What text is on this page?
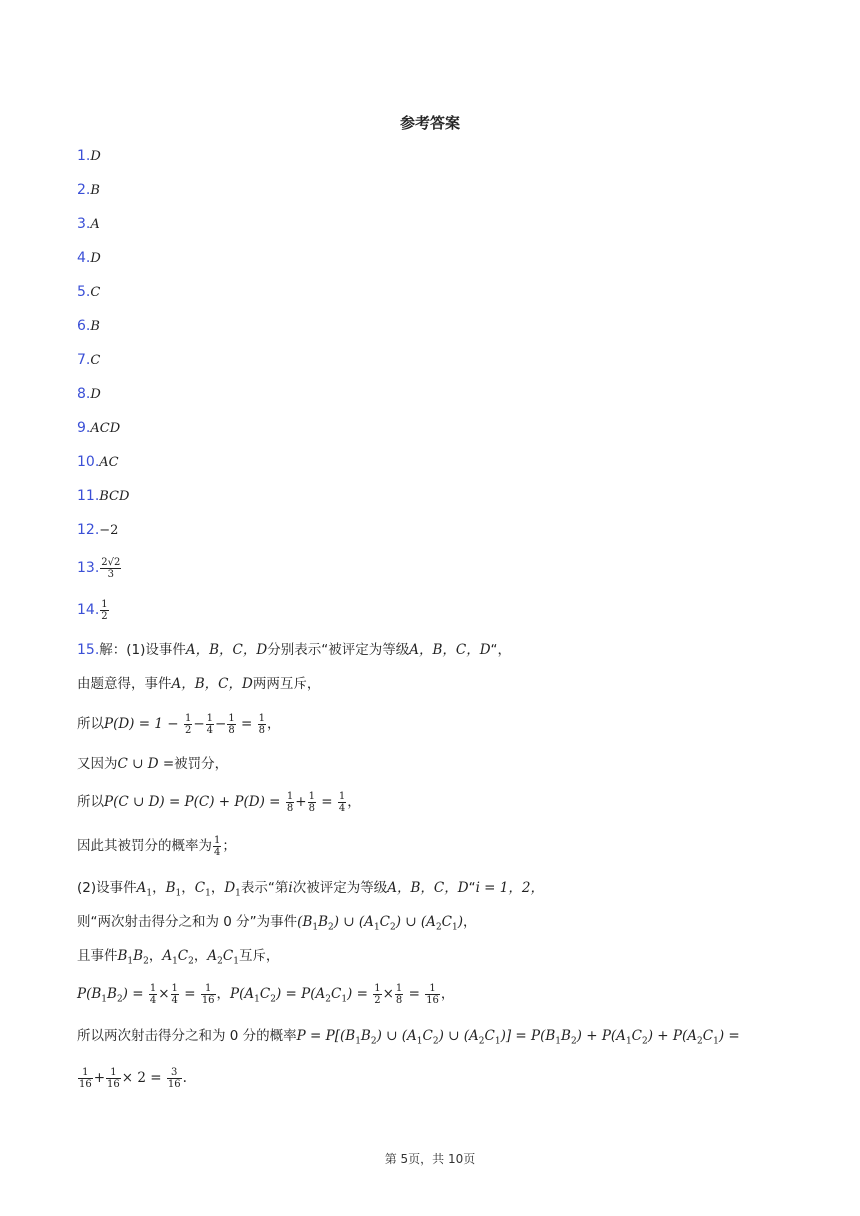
参考答案
1.D
2.B
3.A
4.D
5.C
6.B
7.C
8.D
9.ACD
10.AC
11.BCD
12.−2
13. $\frac{2√2}{3}$
14. $\frac{1}{2}$
15.解：(1)设事件A，B，C，D分别表示“被评定为等级A，B，C，D“，
由题意得，事件A，B，C，D两两互斥，
所以$P(D) = 1 - \frac{1}{2} - \frac{1}{4} - \frac{1}{8} = \frac{1}{8}$ ，
又因为C ∪ D =被罚分，
所以P(C ∪ $D) = P(C) + P(D) = \frac{1}{8} + \frac{1}{8} = \frac{1}{4}$ ，
因此其被罚分的概率为 $\frac{1}{4}$ ；
(2)设事件$A_1$，$B_1$，$C_1$，$D_1$表示“第i次被评定为等级A，B，C，D“i = 1，2，
则“两次射击得分之和为 0 分”为事件$(B_1B_2)$ ∪ $(A_1C_2)$ ∪ $(A_2C_1)$，
且事件$B_1B_2$，$A_1C_2$，$A_2C_1$互斥，
$P(B_1B_2) = \frac{1}{4} \times \frac{1}{4} = \frac{1}{16}$ ，$P(A_1C_2) = P(A_2C_1) = \frac{1}{2} \times \frac{1}{8} = \frac{1}{16}$ ，
所以两次射击得分之和为 0 分的概率$P = P[(B_1B_2)$ ∪ $(A_1C_2)$ ∪ $(A_2C_1)] = P(B_1B_2) + P(A_1C_2) + P(A_2C_1)$ =
$\frac{1}{16} + \frac{1}{16} \times 2 = \frac{3}{16}$ .
第 5页，共 10页
